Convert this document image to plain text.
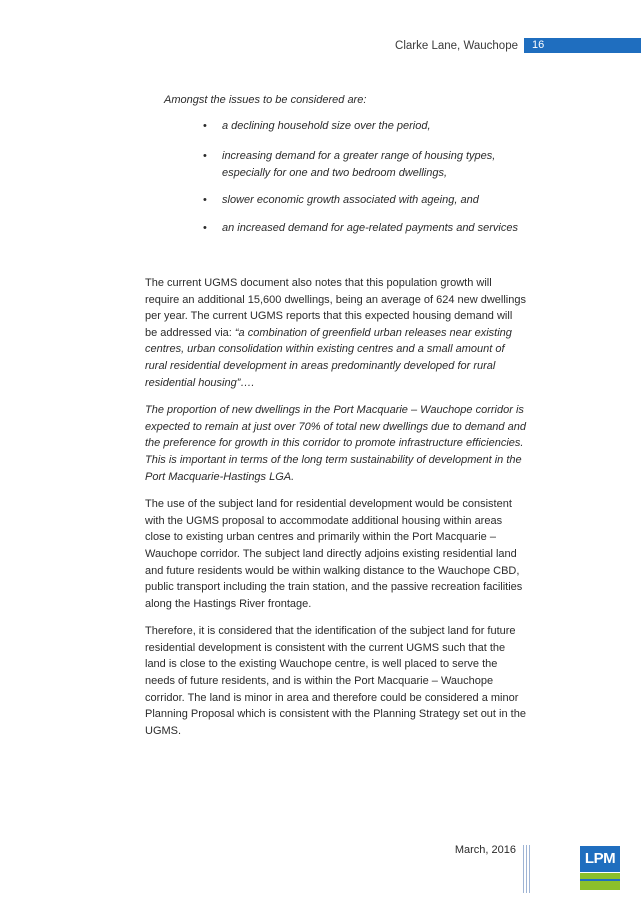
Clarke Lane, Wauchope 16
Amongst the issues to be considered are:
• a declining household size over the period,
• increasing demand for a greater range of housing types, especially for one and two bedroom dwellings,
• slower economic growth associated with ageing, and
• an increased demand for age-related payments and services

The current UGMS document also notes that this population growth will require an additional 15,600 dwellings, being an average of 624 new dwellings per year. The current UGMS reports that this expected housing demand will be addressed via: “a combination of greenfield urban releases near existing centres, urban consolidation within existing centres and a small amount of rural residential development in areas predominantly developed for rural residential housing”….

The proportion of new dwellings in the Port Macquarie – Wauchope corridor is expected to remain at just over 70% of total new dwellings due to demand and the preference for growth in this corridor to promote infrastructure efficiencies. This is important in terms of the long term sustainability of development in the Port Macquarie-Hastings LGA.

The use of the subject land for residential development would be consistent with the UGMS proposal to accommodate additional housing within areas close to existing urban centres and primarily within the Port Macquarie – Wauchope corridor. The subject land directly adjoins existing residential land and future residents would be within walking distance to the Wauchope CBD, public transport including the train station, and the passive recreation facilities along the Hastings River frontage.

Therefore, it is considered that the identification of the subject land for future residential development is consistent with the current UGMS such that the land is close to the existing Wauchope centre, is well placed to serve the needs of future residents, and is within the Port Macquarie – Wauchope corridor. The land is minor in area and therefore could be considered a minor Planning Proposal which is consistent with the Planning Strategy set out in the UGMS.

March, 2016	LPM
